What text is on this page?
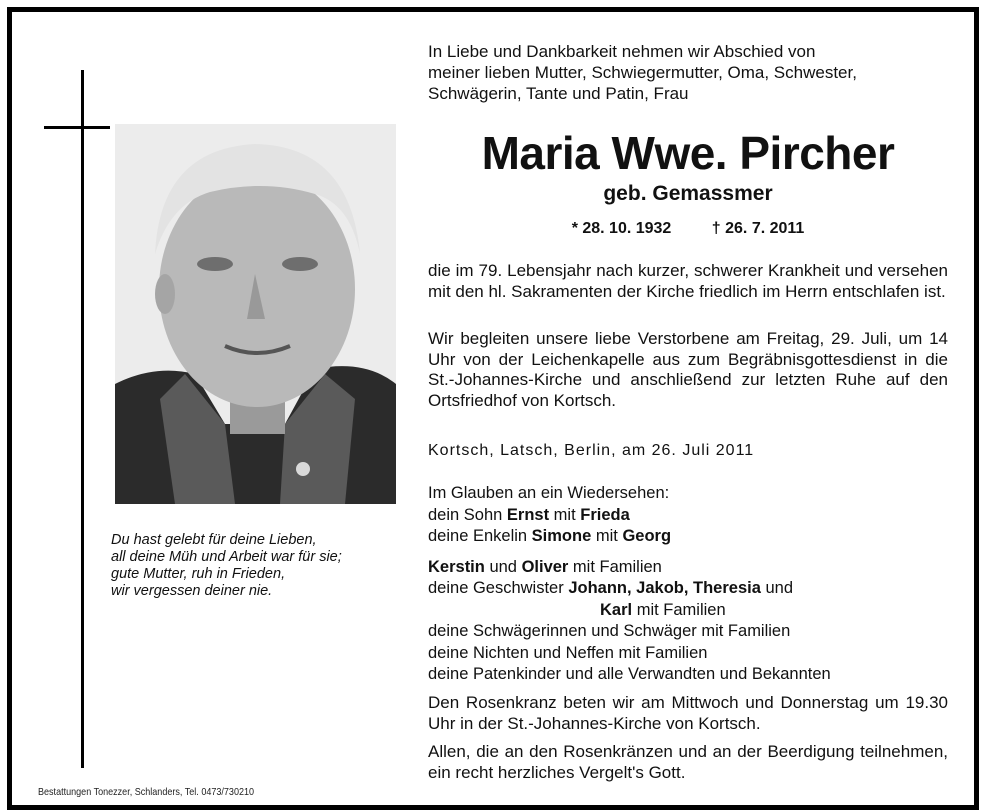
Du hast gelebt für deine Lieben,
all deine Müh und Arbeit war für sie;
gute Mutter, ruh in Frieden,
wir vergessen deiner nie.
Bestattungen Tonezzer, Schlanders, Tel. 0473/730210
In Liebe und Dankbarkeit nehmen wir Abschied von
meiner lieben Mutter, Schwiegermutter, Oma, Schwester,
Schwägerin, Tante und Patin, Frau
Maria Wwe. Pircher
geb. Gemassmer
* 28. 10. 1932	† 26. 7. 2011
die im 79. Lebensjahr nach kurzer, schwerer Krankheit und versehen mit den hl. Sakramenten der Kirche friedlich im Herrn entschlafen ist.
Wir begleiten unsere liebe Verstorbene am Freitag, 29. Juli, um 14 Uhr von der Leichenkapelle aus zum Begräbnisgottesdienst in die St.-Johannes-Kirche und anschließend zur letzten Ruhe auf den Ortsfriedhof von Kortsch.
Kortsch, Latsch, Berlin, am 26. Juli 2011
Im Glauben an ein Wiedersehen:
dein Sohn Ernst mit Frieda
deine Enkelin Simone mit Georg
Kerstin und Oliver mit Familien
deine Geschwister Johann, Jakob, Theresia und
Karl mit Familien
deine Schwägerinnen und Schwäger mit Familien
deine Nichten und Neffen mit Familien
deine Patenkinder und alle Verwandten und Bekannten
Den Rosenkranz beten wir am Mittwoch und Donnerstag um 19.30 Uhr in der St.-Johannes-Kirche von Kortsch.
Allen, die an den Rosenkränzen und an der Beerdigung teilnehmen, ein recht herzliches Vergelt's Gott.
